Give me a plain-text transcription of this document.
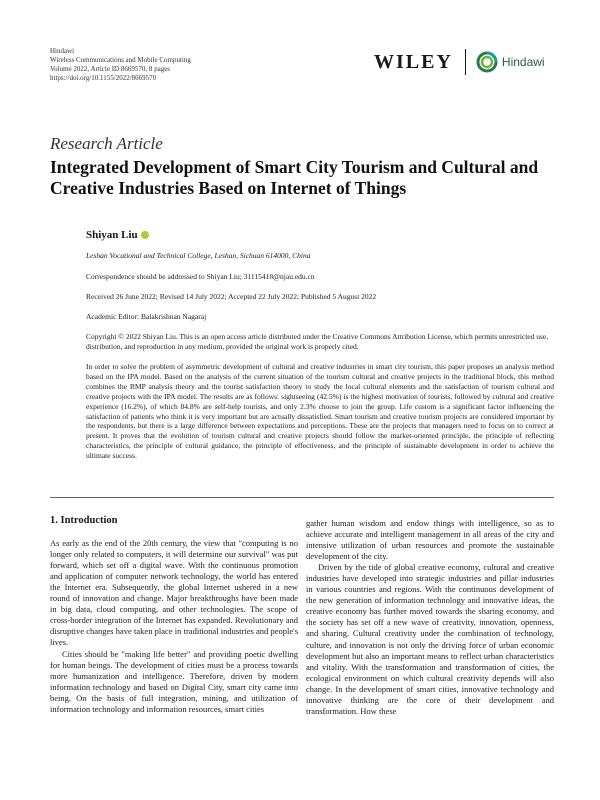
Hindawi
Wireless Communications and Mobile Computing
Volume 2022, Article ID 8669570, 8 pages
https://doi.org/10.1155/2022/8669570
WILEY	Hindawi
Research Article
Integrated Development of Smart City Tourism and Cultural and Creative Industries Based on Internet of Things
Shiyan Liu
Leshan Vocational and Technical College, Leshan, Sichuan 614000, China
Correspondence should be addressed to Shiyan Liu; 31115418@njau.edu.cn
Received 26 June 2022; Revised 14 July 2022; Accepted 22 July 2022; Published 5 August 2022
Academic Editor: Balakrishnan Nagaraj
Copyright © 2022 Shiyan Liu. This is an open access article distributed under the Creative Commons Attribution License, which permits unrestricted use, distribution, and reproduction in any medium, provided the original work is properly cited.
In order to solve the problem of asymmetric development of cultural and creative industries in smart city tourism, this paper proposes an analysis method based on the IPA model. Based on the analysis of the current situation of the tourism cultural and creative projects in the traditional block, this method combines the RMP analysis theory and the tourist satisfaction theory to study the local cultural elements and the satisfaction of tourism cultural and creative projects with the IPA model. The results are as follows: sightseeing (42.5%) is the highest motivation of tourists, followed by cultural and creative experience (16.2%), of which 84.8% are self-help tourists, and only 2.3% choose to join the group. Life custom is a significant factor influencing the satisfaction of patients who think it is very important but are actually dissatisfied. Smart tourism and creative tourism projects are considered important by the respondents, but there is a large difference between expectations and perceptions. These are the projects that managers need to focus on to correct at present. It proves that the evolution of tourism cultural and creative projects should follow the market-oriented principle, the principle of reflecting characteristics, the principle of cultural guidance, the principle of effectiveness, and the principle of sustainable development in order to achieve the ultimate success.
1. Introduction

As early as the end of the 20th century, the view that "computing is no longer only related to computers, it will determine our survival" was put forward, which set off a digital wave. With the continuous promotion and application of computer network technology, the world has entered the Internet era. Subsequently, the global Internet ushered in a new round of innovation and change. Major breakthroughs have been made in big data, cloud computing, and other technologies. The scope of cross-border integration of the Internet has expanded. Revolutionary and disruptive changes have taken place in traditional industries and people's lives.

Cities should be "making life better" and providing poetic dwelling for human beings. The development of cities must be a process towards more humanization and intelligence. Therefore, driven by modern information technology and based on Digital City, smart city came into being. On the basis of full integration, mining, and utilization of information technology and information resources, smart cities

gather human wisdom and endow things with intelligence, so as to achieve accurate and intelligent management in all areas of the city and intensive utilization of urban resources and promote the sustainable development of the city.

Driven by the tide of global creative economy, cultural and creative industries have developed into strategic industries and pillar industries in various countries and regions. With the continuous development of the new generation of information technology and innovative ideas, the creative economy has further moved towards the sharing economy, and the society has set off a new wave of creativity, innovation, openness, and sharing. Cultural creativity under the combination of technology, culture, and innovation is not only the driving force of urban economic development but also an important means to reflect urban characteristics and vitality. With the transformation and transformation of cities, the ecological environment on which cultural creativity depends will also change. In the development of smart cities, innovative technology and innovative thinking are the core of their development and transformation. How these
